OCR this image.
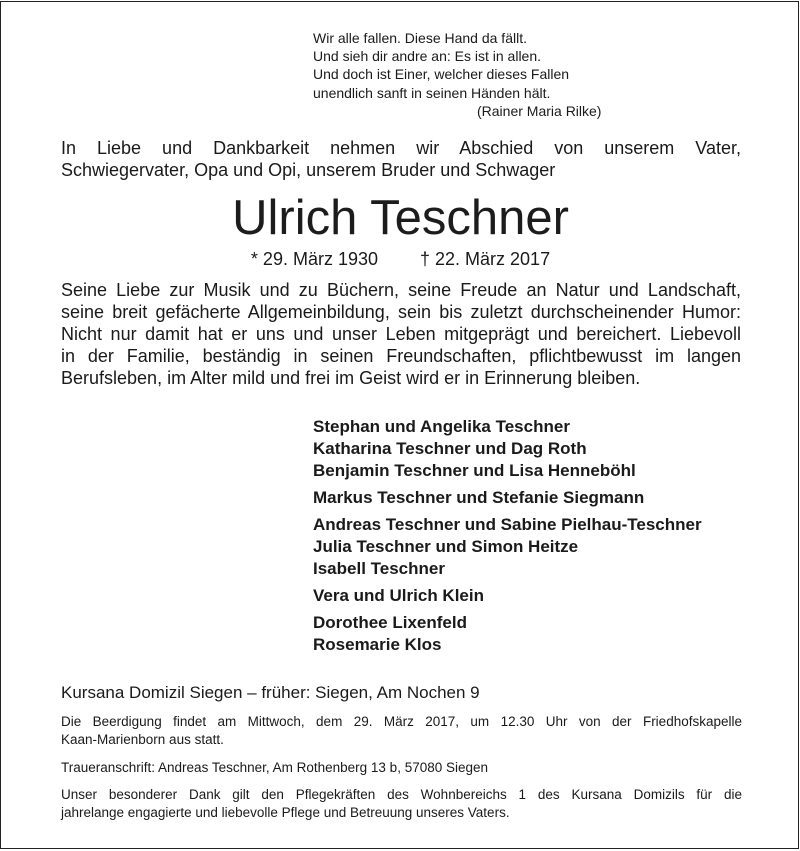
Wir alle fallen. Diese Hand da fällt.
Und sieh dir andre an: Es ist in allen.
Und doch ist Einer, welcher dieses Fallen
unendlich sanft in seinen Händen hält.
(Rainer Maria Rilke)
In Liebe und Dankbarkeit nehmen wir Abschied von unserem Vater,
Schwiegervater, Opa und Opi, unserem Bruder und Schwager
Ulrich Teschner
* 29. März 1930 † 22. März 2017
Seine Liebe zur Musik und zu Büchern, seine Freude an Natur und Landschaft,
seine breit gefächerte Allgemeinbildung, sein bis zuletzt durchscheinender Humor:
Nicht nur damit hat er uns und unser Leben mitgeprägt und bereichert. Liebevoll
in der Familie, beständig in seinen Freundschaften, pflichtbewusst im langen
Berufsleben, im Alter mild und frei im Geist wird er in Erinnerung bleiben.
Stephan und Angelika Teschner
Katharina Teschner und Dag Roth
Benjamin Teschner und Lisa Henneböhl
Markus Teschner und Stefanie Siegmann
Andreas Teschner und Sabine Pielhau-Teschner
Julia Teschner und Simon Heitze
Isabell Teschner
Vera und Ulrich Klein
Dorothee Lixenfeld
Rosemarie Klos
Kursana Domizil Siegen – früher: Siegen, Am Nochen 9
Die Beerdigung findet am Mittwoch, dem 29. März 2017, um 12.30 Uhr von der Friedhofskapelle
Kaan-Marienborn aus statt.
Traueranschrift: Andreas Teschner, Am Rothenberg 13 b, 57080 Siegen
Unser besonderer Dank gilt den Pflegekräften des Wohnbereichs 1 des Kursana Domizils für die
jahrelange engagierte und liebevolle Pflege und Betreuung unseres Vaters.
